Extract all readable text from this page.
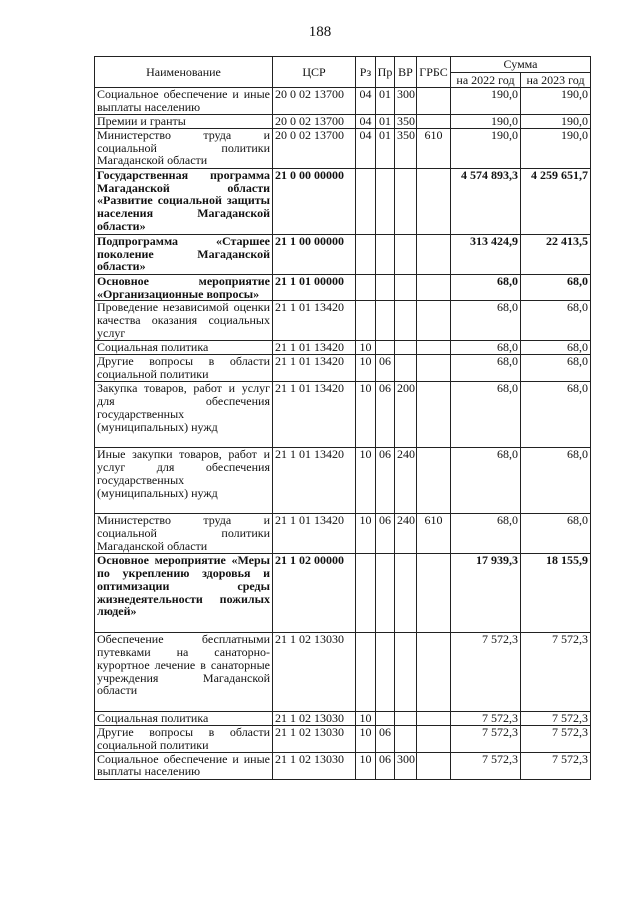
188
Наименование	ЦСР	Рз	Пр	ВР	ГРБС	Сумма	
						на 2022 год	на 2023 год
Социальное обеспечение и иные выплаты населению	20 0 02 13700	04	01	300		190,0	190,0
Премии и гранты	20 0 02 13700	04	01	350		190,0	190,0
Министерство труда и социальной политики Магаданской области	20 0 02 13700	04	01	350	610	190,0	190,0
Государственная программа Магаданской области «Развитие социальной защиты населения Магаданской области»	21 0 00 00000					4 574 893,3	4 259 651,7
Подпрограмма «Старшее поколение Магаданской области»	21 1 00 00000					313 424,9	22 413,5
Основное мероприятие «Организационные вопросы»	21 1 01 00000					68,0	68,0
Проведение независимой оценки качества оказания социальных услуг	21 1 01 13420					68,0	68,0
Социальная политика	21 1 01 13420	10				68,0	68,0
Другие вопросы в области социальной политики	21 1 01 13420	10	06			68,0	68,0
Закупка товаров, работ и услуг для обеспечения государственных (муниципальных) нужд	21 1 01 13420	10	06	200		68,0	68,0
Иные закупки товаров, работ и услуг для обеспечения государственных (муниципальных) нужд	21 1 01 13420	10	06	240		68,0	68,0
Министерство труда и социальной политики Магаданской области	21 1 01 13420	10	06	240	610	68,0	68,0
Основное мероприятие «Меры по укреплению здоровья и оптимизации среды жизнедеятельности пожилых людей»	21 1 02 00000					17 939,3	18 155,9
Обеспечение бесплатными путевками на санаторно-курортное лечение в санаторные учреждения Магаданской области	21 1 02 13030					7 572,3	7 572,3
Социальная политика	21 1 02 13030	10				7 572,3	7 572,3
Другие вопросы в области социальной политики	21 1 02 13030	10	06			7 572,3	7 572,3
Социальное обеспечение и иные выплаты населению	21 1 02 13030	10	06	300		7 572,3	7 572,3
